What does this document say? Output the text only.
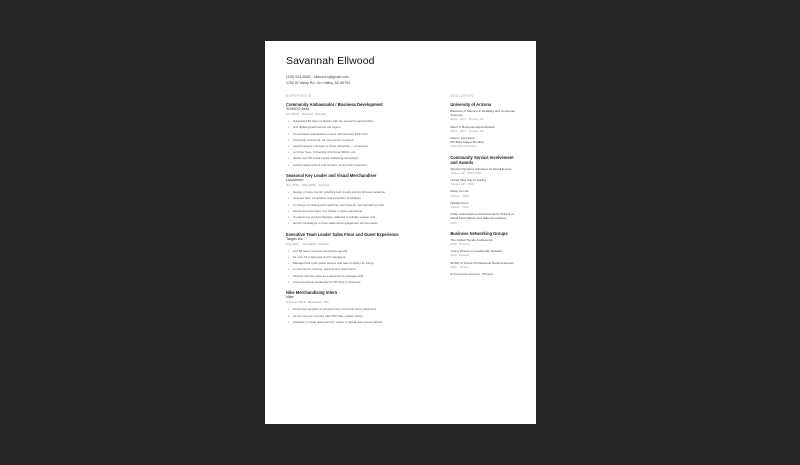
Savannah Ellwood
(415) 534-8080 · ellwood.s@gmail.com
1750 W Valley Rd, Oro Valley, AZ 85704
EXPERIENCE
Community Ambassador / Business Development
SOMOO Asia
Oct 2018 – Present · Remote
• Supported 50 client contracts with the product's partnerships
• and digital growth across the region
• Coordinated ambassador events with the Red Pink Club
• University of Arizona, for community outreach
• Lead business outreach to Pima University — expansion
• at Union Tees, University of Arizona SDAG, etc.
• Wrote over 50 social media marketing campaigns,
• social media content and support, and product launches
Seasonal Key Leader and Visual Merchandiser
Lululemon
Jun 2018 – May 2020 · Arizona
• Design of store interior graphics and visuals across all store locations
• Oversee floor completion and execution of displays
• In charge of training and coaching new hires for merchandising roles
• across the store floor; key holder in store operations
• Created new product displays, adapted to holiday season and
• launch campaigns to drive sales and engagement across stores
Executive Team Leader Sales Floor and Guest Experience
Target Inc.
Aug 2017 – Jan 2018 · Arizona
• Led 50 team members and direct reports
• for over 15 employees and 3 managers
• Managed full cycle guest service and team building for hiring
• of new teams, training, apparel and assortment
• Worked with the store as a department manager with
• cross-functional leadership for 50 hires of business
Nike Merchandising Intern
Nike
Summer 2016 · Beaverton, OR
• Performed analysis of product lines, trend and store placement
• for the summer of more than 500 Nike retailer stores
• Assisted in visual placement for rollout of global team presentations
EDUCATION
University of Arizona
Bachelor of Science in Retailing and Consumer Sciences
2014 – 2017 · Tucson, AZ
Minor in Business Administration
2014 – 2017 · Tucson, AZ
Dean's List Honor
Phi Beta Kappa Member
University of Arizona
Community Service Involvement and Awards
Special Olympics Volunteer for Retail Events
Tucson, AZ · 2015–2017
United Way Day of Caring
Tucson, AZ · 2016
Relay for Life
Tucson · 2015
Habitat Team
Tucson · 2015
Order of Excellence Professional for Pursuit of Retail Field Values and Sales Excellence
2015
Business Networking Groups
The Global Trends Conference
2019 · Phoenix
Young Women in Leadership Network
2015 · Phoenix
SHOP of Tucson Professional Network Events
2015 · Tucson
E Commerce Arizona · Phoenix
